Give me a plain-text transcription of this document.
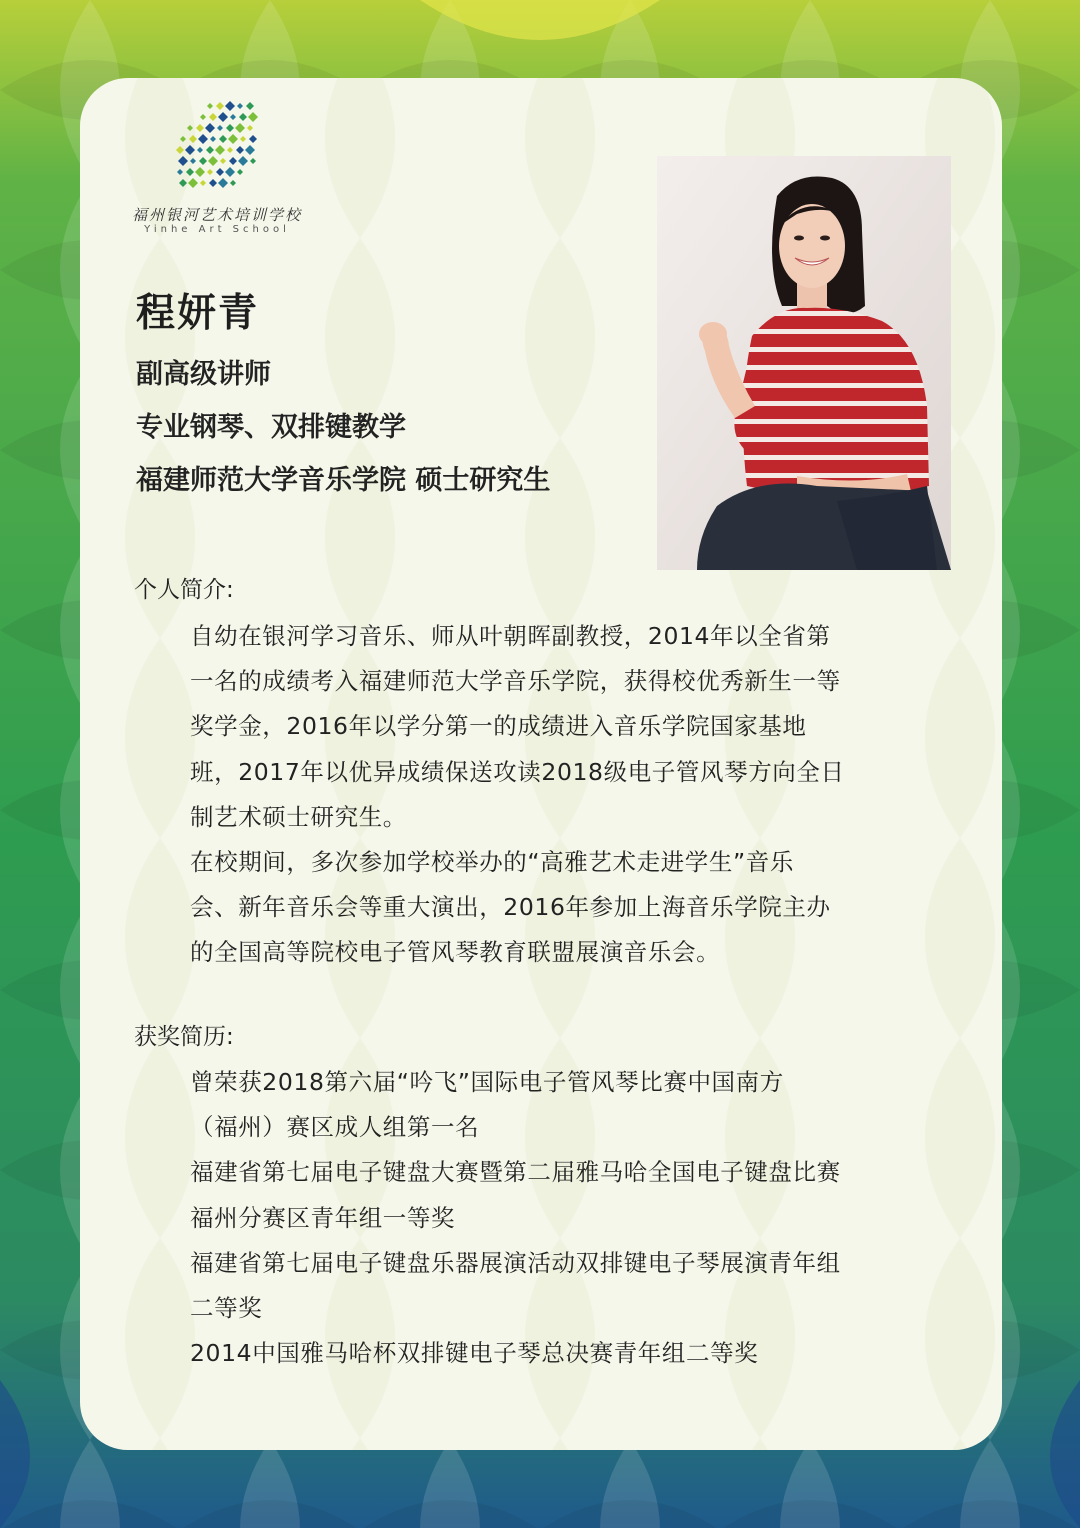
福州银河艺术培训学校
Yinhe Art School
程妍青
副高级讲师
专业钢琴、双排键教学
福建师范大学音乐学院 硕士研究生
个人简介:
自幼在银河学习音乐、师从叶朝晖副教授，2014年以全省第
一名的成绩考入福建师范大学音乐学院，获得校优秀新生一等
奖学金，2016年以学分第一的成绩进入音乐学院国家基地
班，2017年以优异成绩保送攻读2018级电子管风琴方向全日
制艺术硕士研究生。
在校期间，多次参加学校举办的“高雅艺术走进学生”音乐
会、新年音乐会等重大演出，2016年参加上海音乐学院主办
的全国高等院校电子管风琴教育联盟展演音乐会。
获奖简历:
曾荣获2018第六届“吟飞”国际电子管风琴比赛中国南方
（福州）赛区成人组第一名
福建省第七届电子键盘大赛暨第二届雅马哈全国电子键盘比赛
福州分赛区青年组一等奖
福建省第七届电子键盘乐器展演活动双排键电子琴展演青年组
二等奖
2014中国雅马哈杯双排键电子琴总决赛青年组二等奖
